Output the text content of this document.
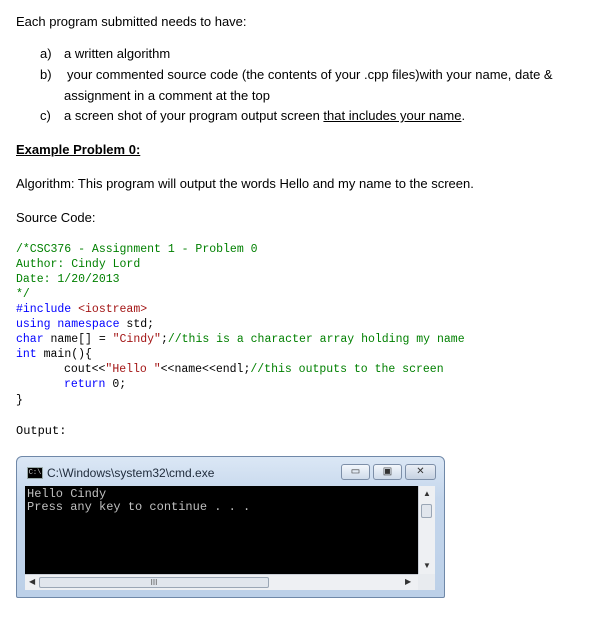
Each program submitted needs to have:
a) a written algorithm
b) your commented source code (the contents of your .cpp files)with your name, date &
assignment in a comment at the top
c) a screen shot of your program output screen that includes your name.
Example Problem 0:
Algorithm: This program will output the words Hello and my name to the screen.
Source Code:
/*CSC376 - Assignment 1 - Problem 0
Author: Cindy Lord
Date: 1/20/2013
*/
#include <iostream>
using namespace std;
char name[] = "Cindy";//this is a character array holding my name
int main(){
cout<<"Hello "<<name<<endl;//this outputs to the screen
return 0;
}
Output:
C:\ C:\Windows\system32\cmd.exe	▭	▣	✕
Hello Cindy
Press any key to continue . . .
▲
▼
◀	III	▶
